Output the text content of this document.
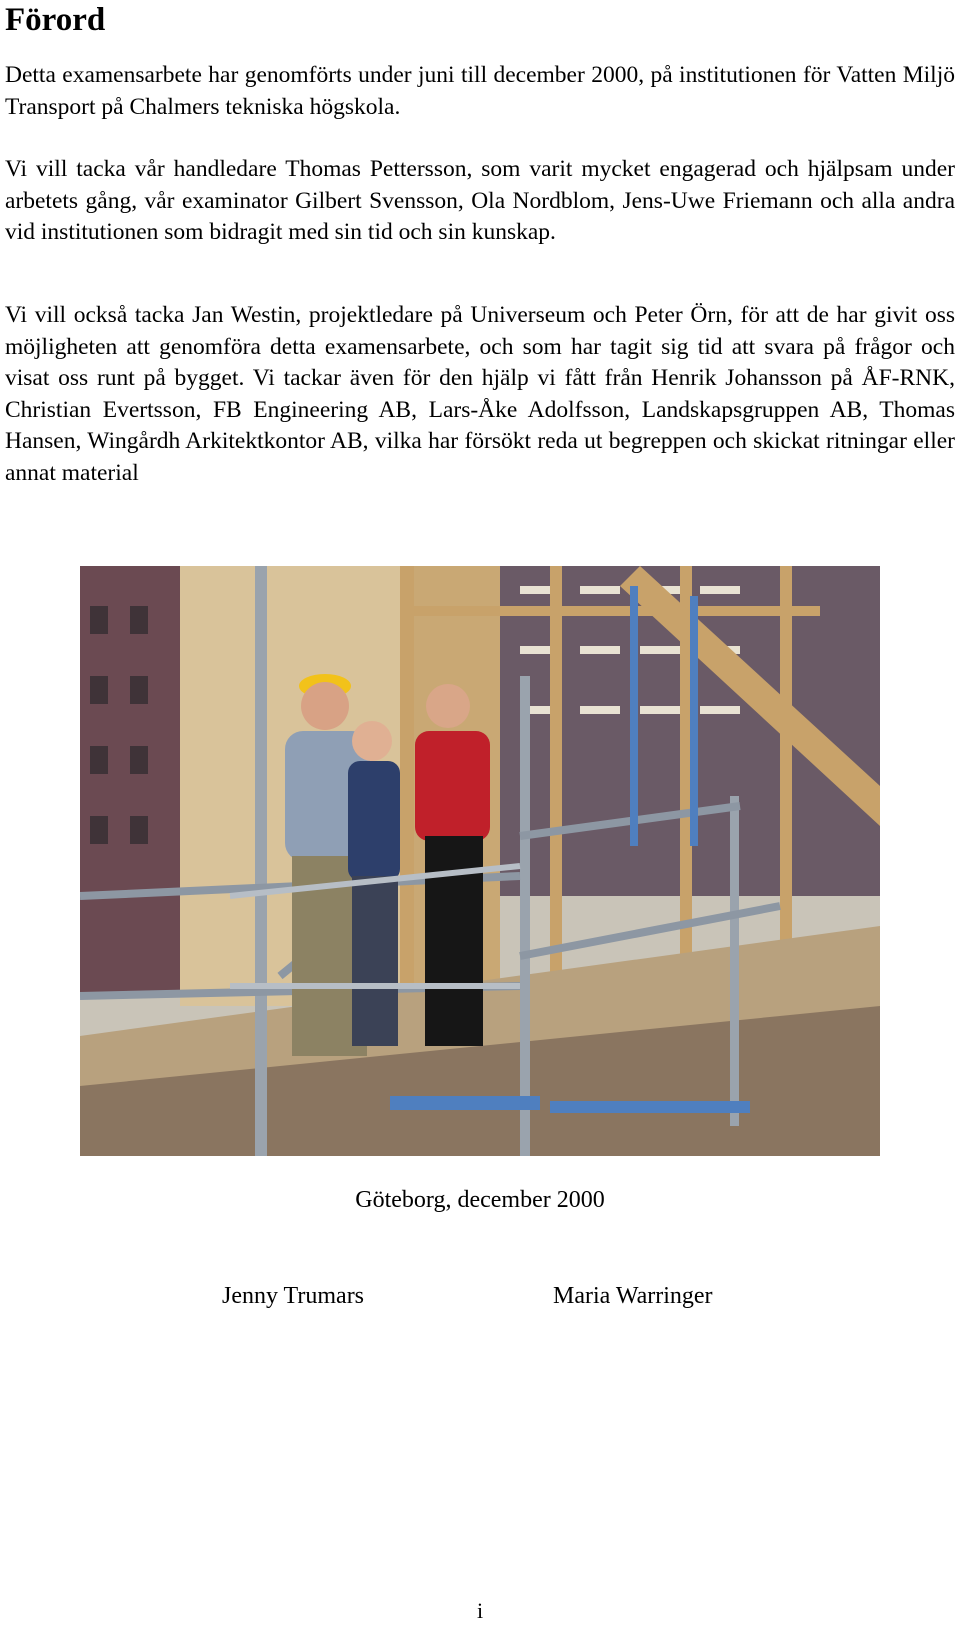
Förord

Detta examensarbete har genomförts under juni till december 2000, på institutionen för Vatten Miljö Transport på Chalmers tekniska högskola.

Vi vill tacka vår handledare Thomas Pettersson, som varit mycket engagerad och hjälpsam under arbetets gång, vår examinator Gilbert Svensson, Ola Nordblom, Jens-Uwe Friemann och alla andra vid institutionen som bidragit med sin tid och sin kunskap.

Vi vill också tacka Jan Westin, projektledare på Universeum och Peter Örn, för att de har givit oss möjligheten att genomföra detta examensarbete, och som har tagit sig tid att svara på frågor och visat oss runt på bygget. Vi tackar även för den hjälp vi fått från Henrik Johansson på ÅF-RNK, Christian Evertsson, FB Engineering AB, Lars-Åke Adolfsson, Landskapsgruppen AB, Thomas Hansen, Wingårdh Arkitektkontor AB, vilka har försökt reda ut begreppen och skickat ritningar eller annat material

Göteborg, december 2000
Jenny Trumars	Maria Warringer
i
